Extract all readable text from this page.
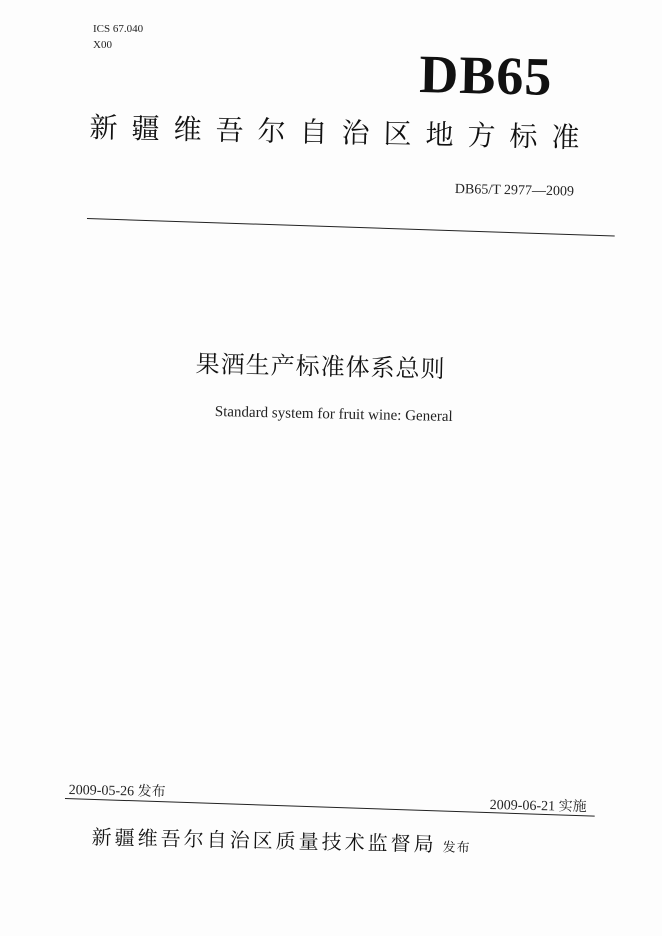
ICS 67.040
X00	DB65
新疆维吾尔自治区地方标准
DB65/T 2977—2009
果酒生产标准体系总则
Standard system for fruit wine: General
2009-05-26 发布
2009-06-21 实施
新疆维吾尔自治区质量技术监督局 发布
